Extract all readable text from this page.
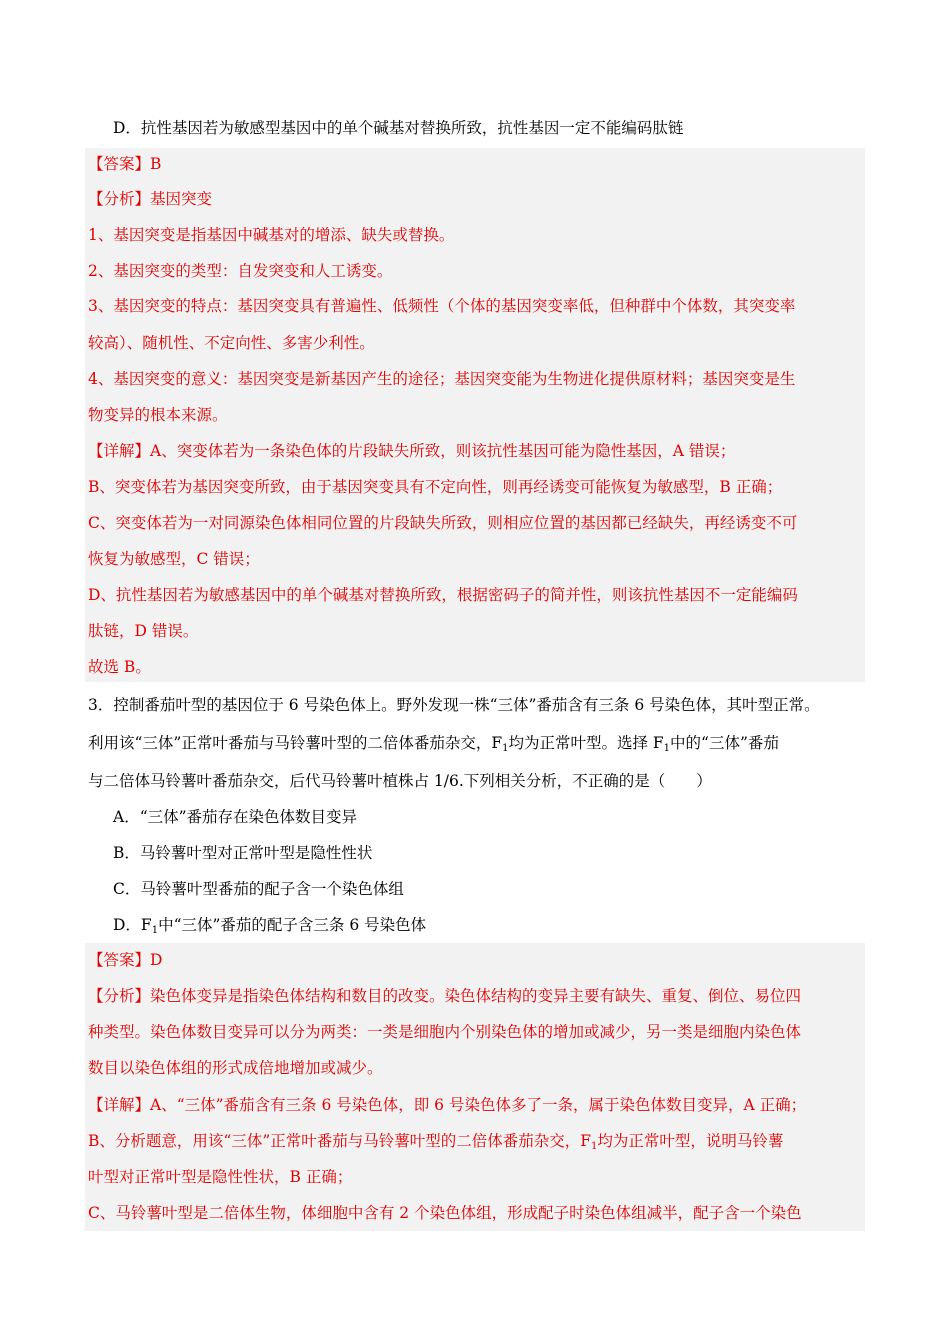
D．抗性基因若为敏感型基因中的单个碱基对替换所致，抗性基因一定不能编码肽链
【答案】B
【分析】基因突变
1、基因突变是指基因中碱基对的增添、缺失或替换。
2、基因突变的类型：自发突变和人工诱变。
3、基因突变的特点：基因突变具有普遍性、低频性（个体的基因突变率低，但种群中个体数，其突变率
较高）、随机性、不定向性、多害少利性。
4、基因突变的意义：基因突变是新基因产生的途径；基因突变能为生物进化提供原材料；基因突变是生
物变异的根本来源。
【详解】A、突变体若为一条染色体的片段缺失所致，则该抗性基因可能为隐性基因，A 错误；
B、突变体若为基因突变所致，由于基因突变具有不定向性，则再经诱变可能恢复为敏感型，B 正确；
C、突变体若为一对同源染色体相同位置的片段缺失所致，则相应位置的基因都已经缺失，再经诱变不可
恢复为敏感型，C 错误；
D、抗性基因若为敏感基因中的单个碱基对替换所致，根据密码子的简并性，则该抗性基因不一定能编码
肽链，D 错误。
故选 B。
3．控制番茄叶型的基因位于 6 号染色体上。野外发现一株“三体”番茄含有三条 6 号染色体，其叶型正常。
利用该“三体”正常叶番茄与马铃薯叶型的二倍体番茄杂交，$F_1$均为正常叶型。选择 $F_1$中的“三体”番茄
与二倍体马铃薯叶番茄杂交，后代马铃薯叶植株占 1/6.下列相关分析，不正确的是（　　）
A．“三体”番茄存在染色体数目变异
B．马铃薯叶型对正常叶型是隐性性状
C．马铃薯叶型番茄的配子含一个染色体组
D．$F_1$中“三体”番茄的配子含三条 6 号染色体
【答案】D
【分析】染色体变异是指染色体结构和数目的改变。染色体结构的变异主要有缺失、重复、倒位、易位四
种类型。染色体数目变异可以分为两类：一类是细胞内个别染色体的增加或减少，另一类是细胞内染色体
数目以染色体组的形式成倍地增加或减少。
【详解】A、“三体”番茄含有三条 6 号染色体，即 6 号染色体多了一条，属于染色体数目变异，A 正确；
B、分析题意，用该“三体”正常叶番茄与马铃薯叶型的二倍体番茄杂交，$F_1$均为正常叶型，说明马铃薯
叶型对正常叶型是隐性性状，B 正确；
C、马铃薯叶型是二倍体生物，体细胞中含有 2 个染色体组，形成配子时染色体组减半，配子含一个染色
